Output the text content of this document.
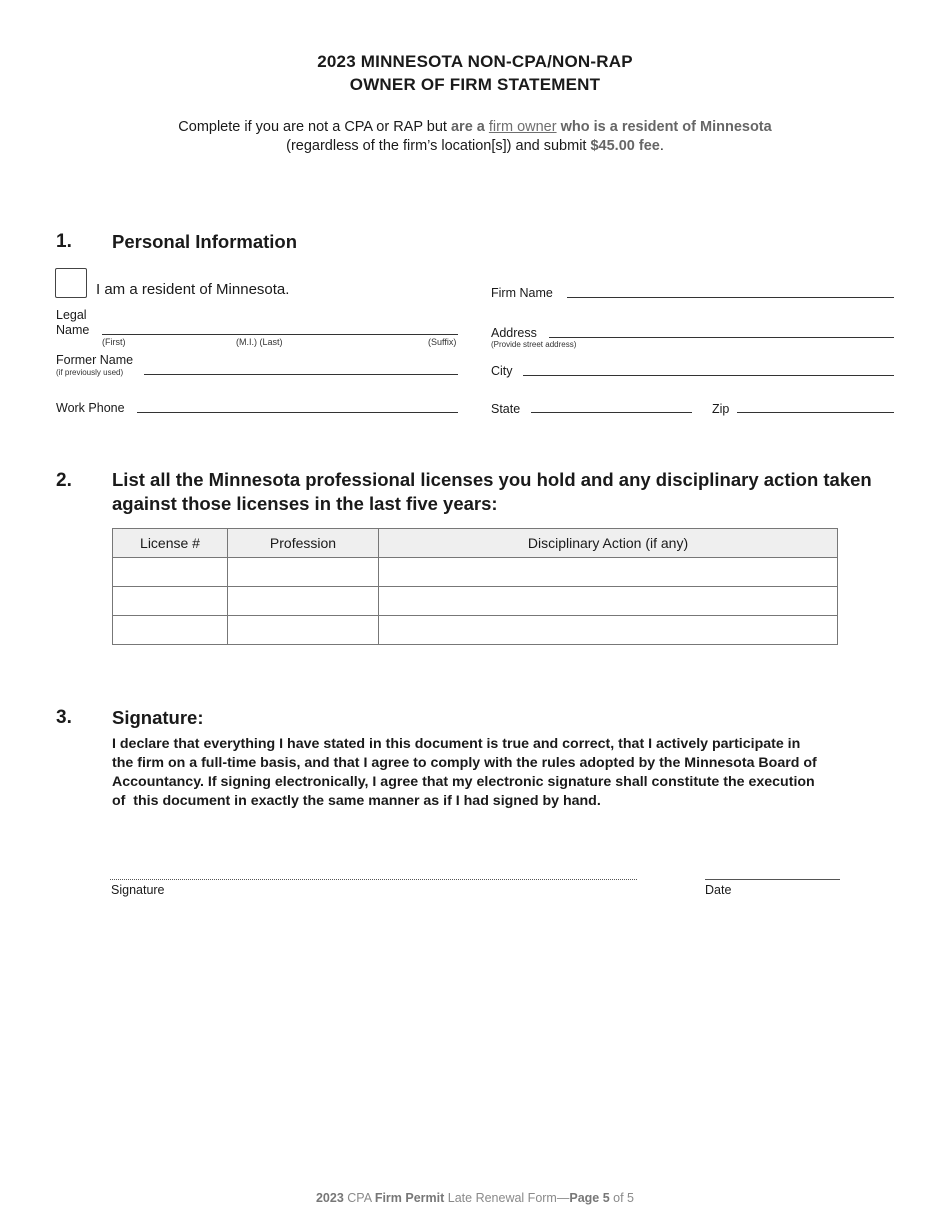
2023 MINNESOTA NON-CPA/NON-RAP
OWNER OF FIRM STATEMENT
Complete if you are not a CPA or RAP but are a firm owner who is a resident of Minnesota
(regardless of the firm’s location[s]) and submit $45.00 fee.
1. Personal Information
I am a resident of Minnesota.
Legal
Name
(First)	(M.I.) (Last)	(Suffix)
Former Name
(if previously used)
Work Phone
Firm Name
Address
(Provide street address)
City
State	Zip
2. List all the Minnesota professional licenses you hold and any disciplinary action taken
against those licenses in the last five years:
License #	Profession	Disciplinary Action (if any)

3. Signature:
I declare that everything I have stated in this document is true and correct, that I actively participate in
the firm on a full-time basis, and that I agree to comply with the rules adopted by the Minnesota Board of
Accountancy. If signing electronically, I agree that my electronic signature shall constitute the execution
of  this document in exactly the same manner as if I had signed by hand.
Signature	Date
2023 CPA Firm Permit Late Renewal Form—Page 5 of 5
